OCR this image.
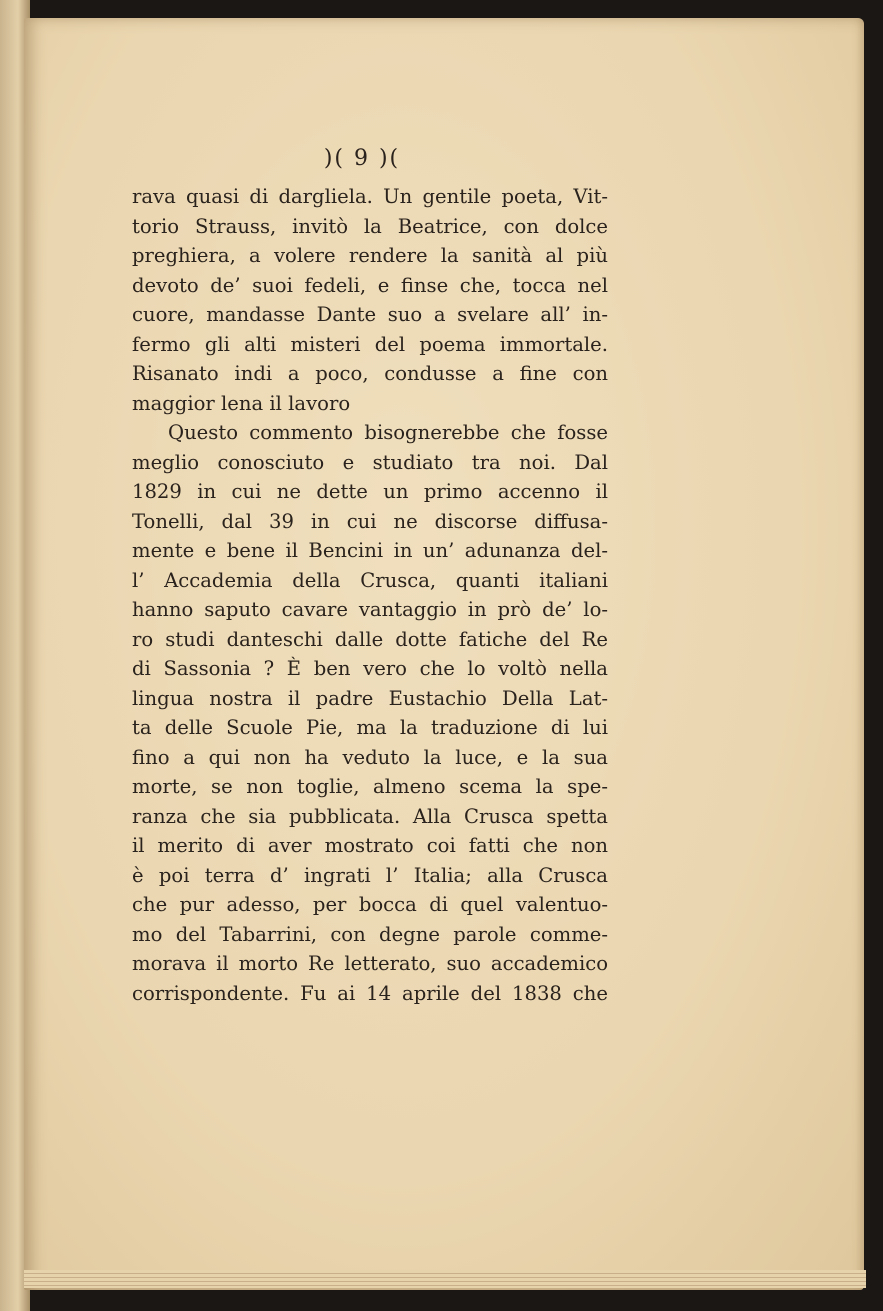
)( 9 )(
rava quasi di dargliela. Un gentile poeta, Vit-
torio Strauss, invitò la Beatrice, con dolce
preghiera, a volere rendere la sanità al più
devoto de’ suoi fedeli, e finse che, tocca nel
cuore, mandasse Dante suo a svelare all’ in-
fermo gli alti misteri del poema immortale.
Risanato indi a poco, condusse a fine con
maggior lena il lavoro
Questo commento bisognerebbe che fosse
meglio conosciuto e studiato tra noi. Dal
1829 in cui ne dette un primo accenno il
Tonelli, dal 39 in cui ne discorse diffusa-
mente e bene il Bencini in un’ adunanza del-
l’ Accademia della Crusca, quanti italiani
hanno saputo cavare vantaggio in prò de’ lo-
ro studi danteschi dalle dotte fatiche del Re
di Sassonia ? È ben vero che lo voltò nella
lingua nostra il padre Eustachio Della Lat-
ta delle Scuole Pie, ma la traduzione di lui
fino a qui non ha veduto la luce, e la sua
morte, se non toglie, almeno scema la spe-
ranza che sia pubblicata. Alla Crusca spetta
il merito di aver mostrato coi fatti che non
è poi terra d’ ingrati l’ Italia; alla Crusca
che pur adesso, per bocca di quel valentuo-
mo del Tabarrini, con degne parole comme-
morava il morto Re letterato, suo accademico
corrispondente. Fu ai 14 aprile del 1838 che
